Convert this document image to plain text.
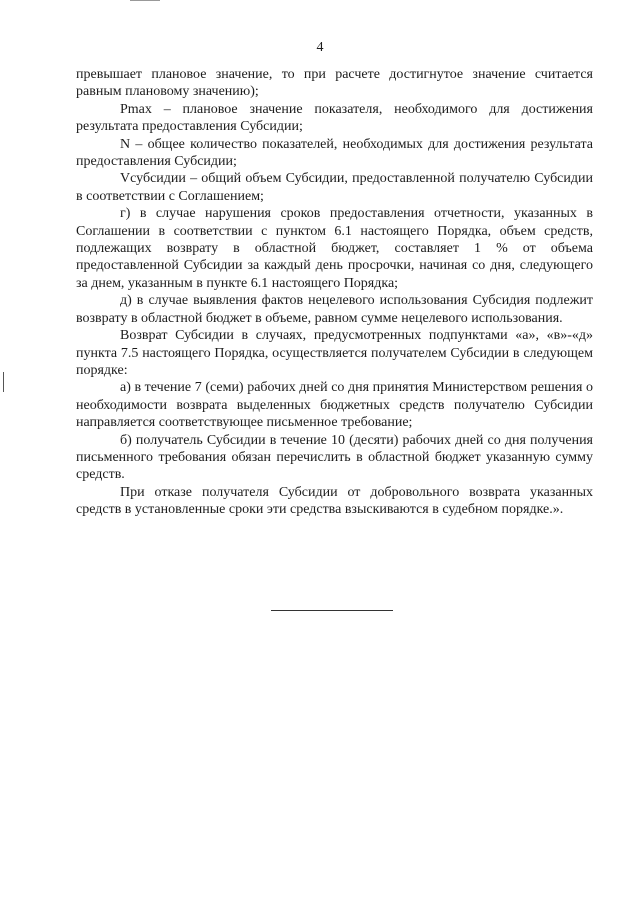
4

превышает плановое значение, то при расчете достигнутое значение считается равным плановому значению);

Pmax – плановое значение показателя, необходимого для достижения результата предоставления Субсидии;

N – общее количество показателей, необходимых для достижения результата предоставления Субсидии;

Vсубсидии – общий объем Субсидии, предоставленной получателю Субсидии в соответствии с Соглашением;

г) в случае нарушения сроков предоставления отчетности, указанных в Соглашении в соответствии с пунктом 6.1 настоящего Порядка, объем средств, подлежащих возврату в областной бюджет, составляет 1 % от объема предоставленной Субсидии за каждый день просрочки, начиная со дня, следующего за днем, указанным в пункте 6.1 настоящего Порядка;

д) в случае выявления фактов нецелевого использования Субсидия подлежит возврату в областной бюджет в объеме, равном сумме нецелевого использования.

Возврат Субсидии в случаях, предусмотренных подпунктами «а», «в»-«д» пункта 7.5 настоящего Порядка, осуществляется получателем Субсидии в следующем порядке:

а) в течение 7 (семи) рабочих дней со дня принятия Министерством решения о необходимости возврата выделенных бюджетных средств получателю Субсидии направляется соответствующее письменное требование;

б) получатель Субсидии в течение 10 (десяти) рабочих дней со дня получения письменного требования обязан перечислить в областной бюджет указанную сумму средств.

При отказе получателя Субсидии от добровольного возврата указанных средств в установленные сроки эти средства взыскиваются в судебном порядке.».
